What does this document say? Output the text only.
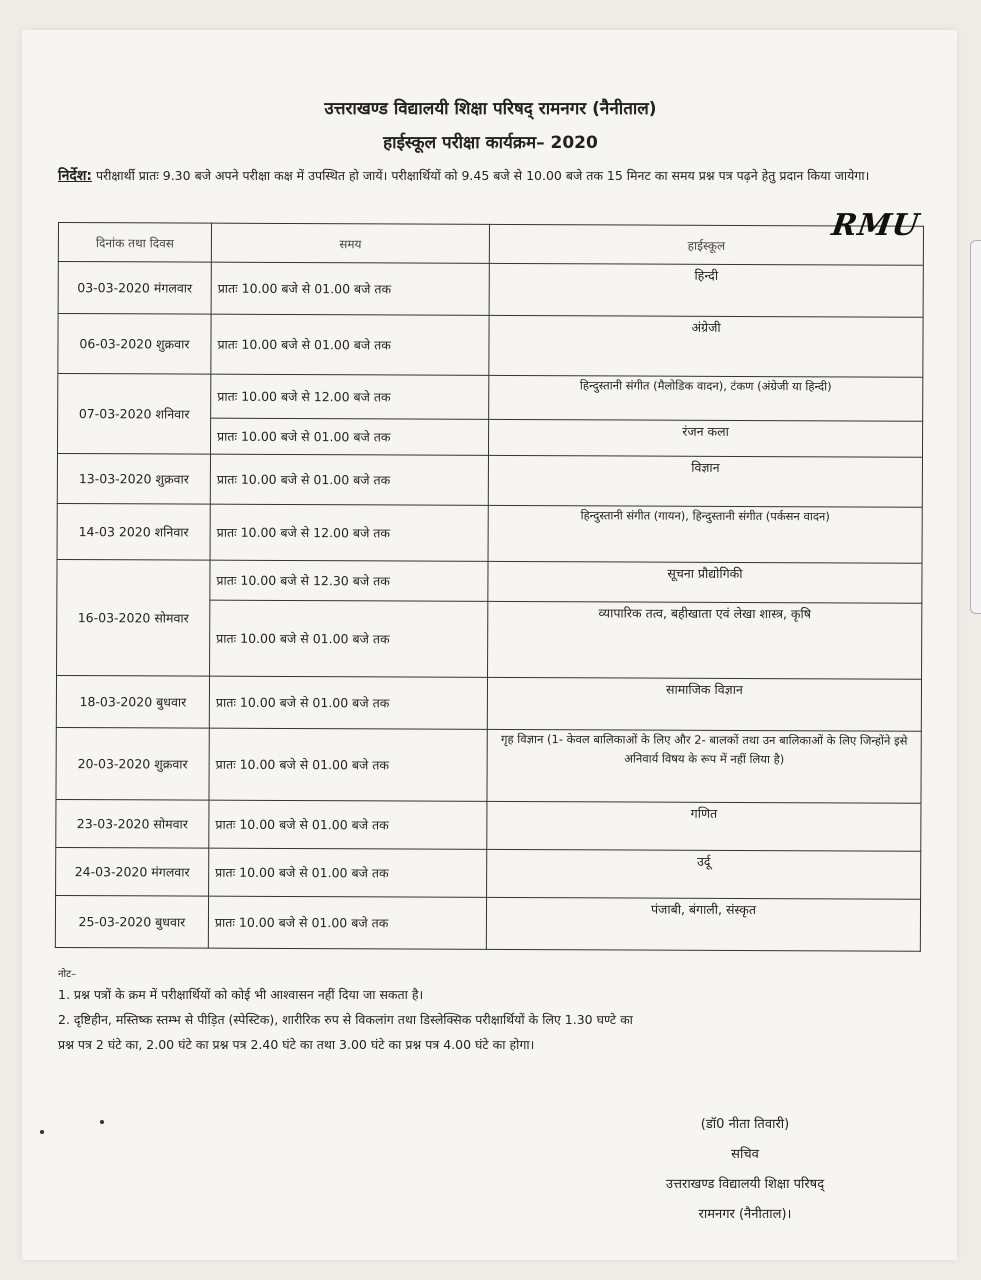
उत्तराखण्ड विद्यालयी शिक्षा परिषद् रामनगर (नैनीताल)
हाईस्कूल परीक्षा कार्यक्रम– 2020
निर्देश: परीक्षार्थी प्रातः 9.30 बजे अपने परीक्षा कक्ष में उपस्थित हो जायें। परीक्षार्थियों को 9.45 बजे से 10.00 बजे तक 15 मिनट का समय प्रश्न पत्र पढ़ने हेतु प्रदान किया जायेगा।
दिनांक तथा दिवस	समय	हाईस्कूल
03-03-2020 मंगलवार	प्रातः 10.00 बजे से 01.00 बजे तक	हिन्दी
06-03-2020 शुक्रवार	प्रातः 10.00 बजे से 01.00 बजे तक	अंग्रेजी
07-03-2020 शनिवार	प्रातः 10.00 बजे से 12.00 बजे तक	हिन्दुस्तानी संगीत (मैलोडिक वादन), टंकण (अंग्रेजी या हिन्दी)
	प्रातः 10.00 बजे से 01.00 बजे तक	रंजन कला
13-03-2020 शुक्रवार	प्रातः 10.00 बजे से 01.00 बजे तक	विज्ञान
14-03 2020 शनिवार	प्रातः 10.00 बजे से 12.00 बजे तक	हिन्दुस्तानी संगीत (गायन), हिन्दुस्तानी संगीत (पर्कसन वादन)
16-03-2020 सोमवार	प्रातः 10.00 बजे से 12.30 बजे तक	सूचना प्रौद्योगिकी
	प्रातः 10.00 बजे से 01.00 बजे तक	व्यापारिक तत्व, बहीखाता एवं लेखा शास्त्र, कृषि
18-03-2020 बुधवार	प्रातः 10.00 बजे से 01.00 बजे तक	सामाजिक विज्ञान
20-03-2020 शुक्रवार	प्रातः 10.00 बजे से 01.00 बजे तक	गृह विज्ञान (1- केवल बालिकाओं के लिए और 2- बालकों तथा उन बालिकाओं के लिए जिन्होंने इसे अनिवार्य विषय के रूप में नहीं लिया है)
23-03-2020 सोमवार	प्रातः 10.00 बजे से 01.00 बजे तक	गणित
24-03-2020 मंगलवार	प्रातः 10.00 बजे से 01.00 बजे तक	उर्दू
25-03-2020 बुधवार	प्रातः 10.00 बजे से 01.00 बजे तक	पंजाबी, बंगाली, संस्कृत
RMU
नोट–
1. प्रश्न पत्रों के क्रम में परीक्षार्थियों को कोई भी आश्वासन नहीं दिया जा सकता है।
2. दृष्टिहीन, मस्तिष्क स्तम्भ से पीड़ित (स्पेस्टिक), शारीरिक रुप से विकलांग तथा डिस्लेक्सिक परीक्षार्थियों के लिए 1.30 घण्टे का
प्रश्न पत्र 2 घंटे का, 2.00 घंटे का प्रश्न पत्र 2.40 घंटे का तथा 3.00 घंटे का प्रश्न पत्र 4.00 घंटे का होगा।
(डॉ0 नीता तिवारी)
सचिव
उत्तराखण्ड विद्यालयी शिक्षा परिषद्
रामनगर (नैनीताल)।
